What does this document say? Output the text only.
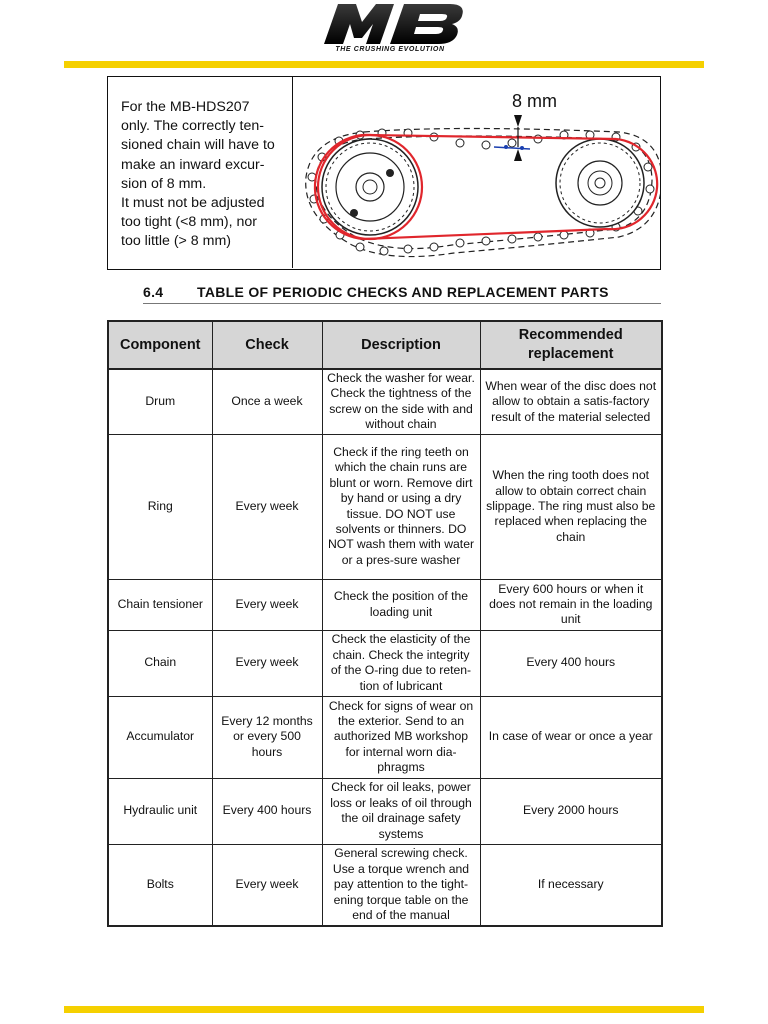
THE CRUSHING EVOLUTION
For the MB-HDS207
only. The correctly ten-
sioned chain will have to
make an inward excur-
sion of 8 mm.
It must not be adjusted
too tight (<8 mm), nor
too little (> 8 mm)
8 mm
6.4 TABLE OF PERIODIC CHECKS AND REPLACEMENT PARTS
Component	Check	Description	Recommended replacement
Drum	Once a week	Check the washer for wear. Check the tightness of the screw on the side with and without chain	When wear of the disc does not allow to obtain a satis-factory result of the material selected
Ring	Every week	Check if the ring teeth on which the chain runs are blunt or worn. Remove dirt by hand or using a dry tissue. DO NOT use solvents or thinners. DO NOT wash them with water or a pres-sure washer	When the ring tooth does not allow to obtain correct chain slippage. The ring must also be replaced when replacing the chain
Chain tensioner	Every week	Check the position of the loading unit	Every 600 hours or when it does not remain in the loading unit
Chain	Every week	Check the elasticity of the chain. Check the integrity of the O-ring due to reten-tion of lubricant	Every 400 hours
Accumulator	Every 12 months or every 500 hours	Check for signs of wear on the exterior. Send to an authorized MB workshop for internal worn dia-phragms	In case of wear or once a year
Hydraulic unit	Every 400 hours	Check for oil leaks, power loss or leaks of oil through the oil drainage safety systems	Every 2000 hours
Bolts	Every week	General screwing check. Use a torque wrench and pay attention to the tight-ening torque table on the end of the manual	If necessary
